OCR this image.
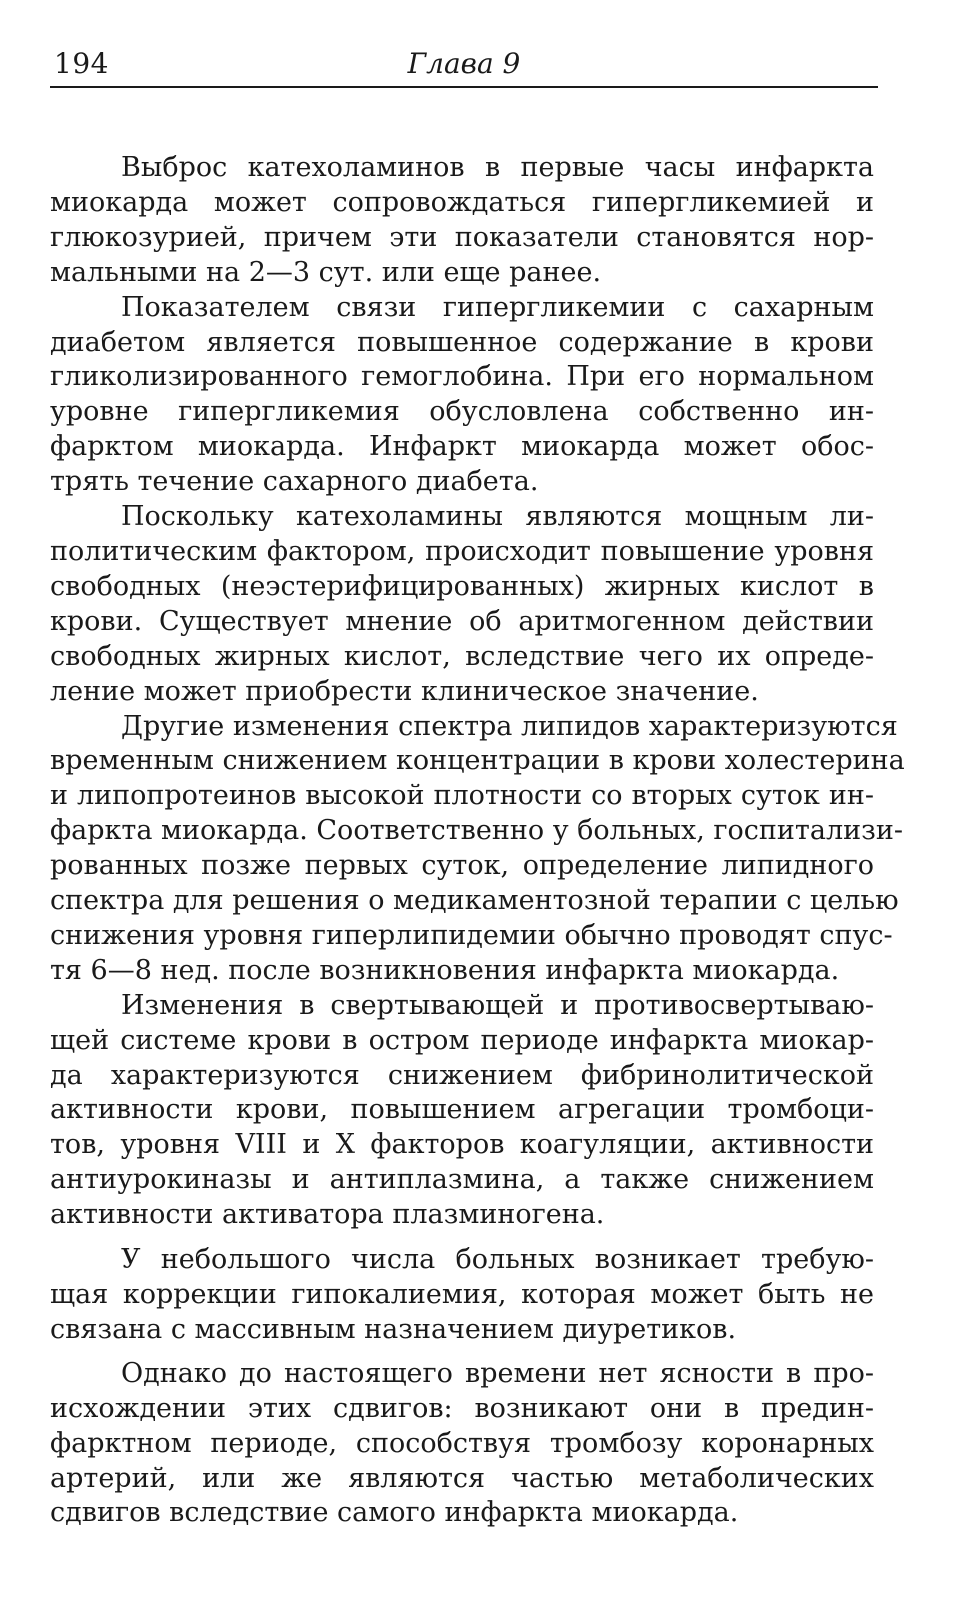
194	Глава 9

Выброс катехоламинов в первые часы инфаркта
миокарда может сопровождаться гипергликемией и
глюкозурией, причем эти показатели становятся нор-
мальными на 2—3 сут. или еще ранее.

Показателем связи гипергликемии с сахарным
диабетом является повышенное содержание в крови
гликолизированного гемоглобина. При его нормальном
уровне гипергликемия обусловлена собственно ин-
фарктом миокарда. Инфаркт миокарда может обос-
трять течение сахарного диабета.

Поскольку катехоламины являются мощным ли-
политическим фактором, происходит повышение уровня
свободных (неэстерифицированных) жирных кислот в
крови. Существует мнение об аритмогенном действии
свободных жирных кислот, вследствие чего их опреде-
ление может приобрести клиническое значение.

Другие изменения спектра липидов характеризуются
временным снижением концентрации в крови холестерина
и липопротеинов высокой плотности со вторых суток ин-
фаркта миокарда. Соответственно у больных, госпитализи-
рованных позже первых суток, определение липидного
спектра для решения о медикаментозной терапии с целью
снижения уровня гиперлипидемии обычно проводят спус-
тя 6—8 нед. после возникновения инфаркта миокарда.

Изменения в свертывающей и противосвертываю-
щей системе крови в остром периоде инфаркта миокар-
да характеризуются снижением фибринолитической
активности крови, повышением агрегации тромбоци-
тов, уровня VIII и X факторов коагуляции, активности
антиурокиназы и антиплазмина, а также снижением
активности активатора плазминогена.

У небольшого числа больных возникает требую-
щая коррекции гипокалиемия, которая может быть не
связана с массивным назначением диуретиков.

Однако до настоящего времени нет ясности в про-
исхождении этих сдвигов: возникают они в предин-
фарктном периоде, способствуя тромбозу коронарных
артерий, или же являются частью метаболических
сдвигов вследствие самого инфаркта миокарда.
